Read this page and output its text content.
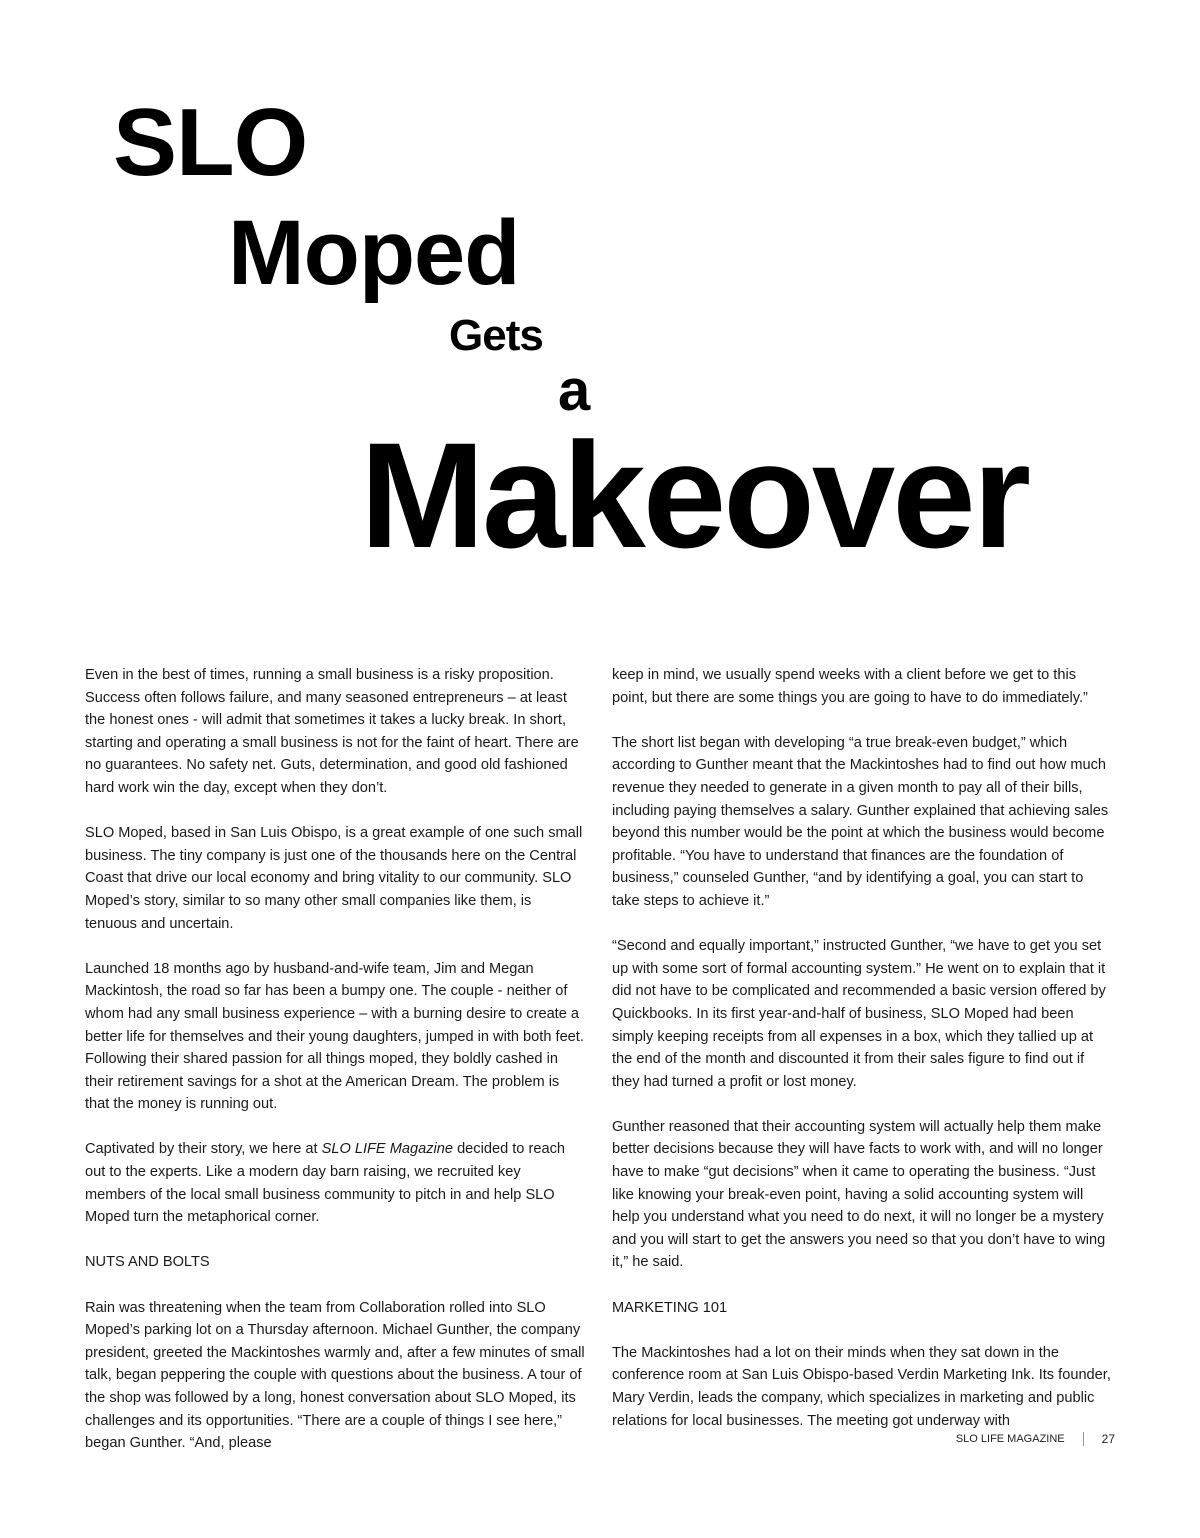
SLO
Moped
Gets
a
Makeover

Even in the best of times, running a small business is a risky proposition. Success often follows failure, and many seasoned entrepreneurs – at least the honest ones - will admit that sometimes it takes a lucky break. In short, starting and operating a small business is not for the faint of heart. There are no guarantees. No safety net. Guts, determination, and good old fashioned hard work win the day, except when they don’t.

SLO Moped, based in San Luis Obispo, is a great example of one such small business. The tiny company is just one of the thousands here on the Central Coast that drive our local economy and bring vitality to our community. SLO Moped’s story, similar to so many other small companies like them, is tenuous and uncertain.

Launched 18 months ago by husband-and-wife team, Jim and Megan Mackintosh, the road so far has been a bumpy one. The couple - neither of whom had any small business experience – with a burning desire to create a better life for themselves and their young daughters, jumped in with both feet. Following their shared passion for all things moped, they boldly cashed in their retirement savings for a shot at the American Dream. The problem is that the money is running out.

Captivated by their story, we here at SLO LIFE Magazine decided to reach out to the experts. Like a modern day barn raising, we recruited key members of the local small business community to pitch in and help SLO Moped turn the metaphorical corner.

NUTS AND BOLTS

Rain was threatening when the team from Collaboration rolled into SLO Moped’s parking lot on a Thursday afternoon. Michael Gunther, the company president, greeted the Mackintoshes warmly and, after a few minutes of small talk, began peppering the couple with questions about the business. A tour of the shop was followed by a long, honest conversation about SLO Moped, its challenges and its opportunities. “There are a couple of things I see here,” began Gunther. “And, please

keep in mind, we usually spend weeks with a client before we get to this point, but there are some things you are going to have to do immediately.”

The short list began with developing “a true break-even budget,” which according to Gunther meant that the Mackintoshes had to find out how much revenue they needed to generate in a given month to pay all of their bills, including paying themselves a salary. Gunther explained that achieving sales beyond this number would be the point at which the business would become profitable. “You have to understand that finances are the foundation of business,” counseled Gunther, “and by identifying a goal, you can start to take steps to achieve it.”

“Second and equally important,” instructed Gunther, “we have to get you set up with some sort of formal accounting system.” He went on to explain that it did not have to be complicated and recommended a basic version offered by Quickbooks. In its first year-and-half of business, SLO Moped had been simply keeping receipts from all expenses in a box, which they tallied up at the end of the month and discounted it from their sales figure to find out if they had turned a profit or lost money.

Gunther reasoned that their accounting system will actually help them make better decisions because they will have facts to work with, and will no longer have to make “gut decisions” when it came to operating the business. “Just like knowing your break-even point, having a solid accounting system will help you understand what you need to do next, it will no longer be a mystery and you will start to get the answers you need so that you don’t have to wing it,” he said.

MARKETING 101

The Mackintoshes had a lot on their minds when they sat down in the conference room at San Luis Obispo-based Verdin Marketing Ink. Its founder, Mary Verdin, leads the company, which specializes in marketing and public relations for local businesses. The meeting got underway with

SLO LIFE MAGAZINE	27
